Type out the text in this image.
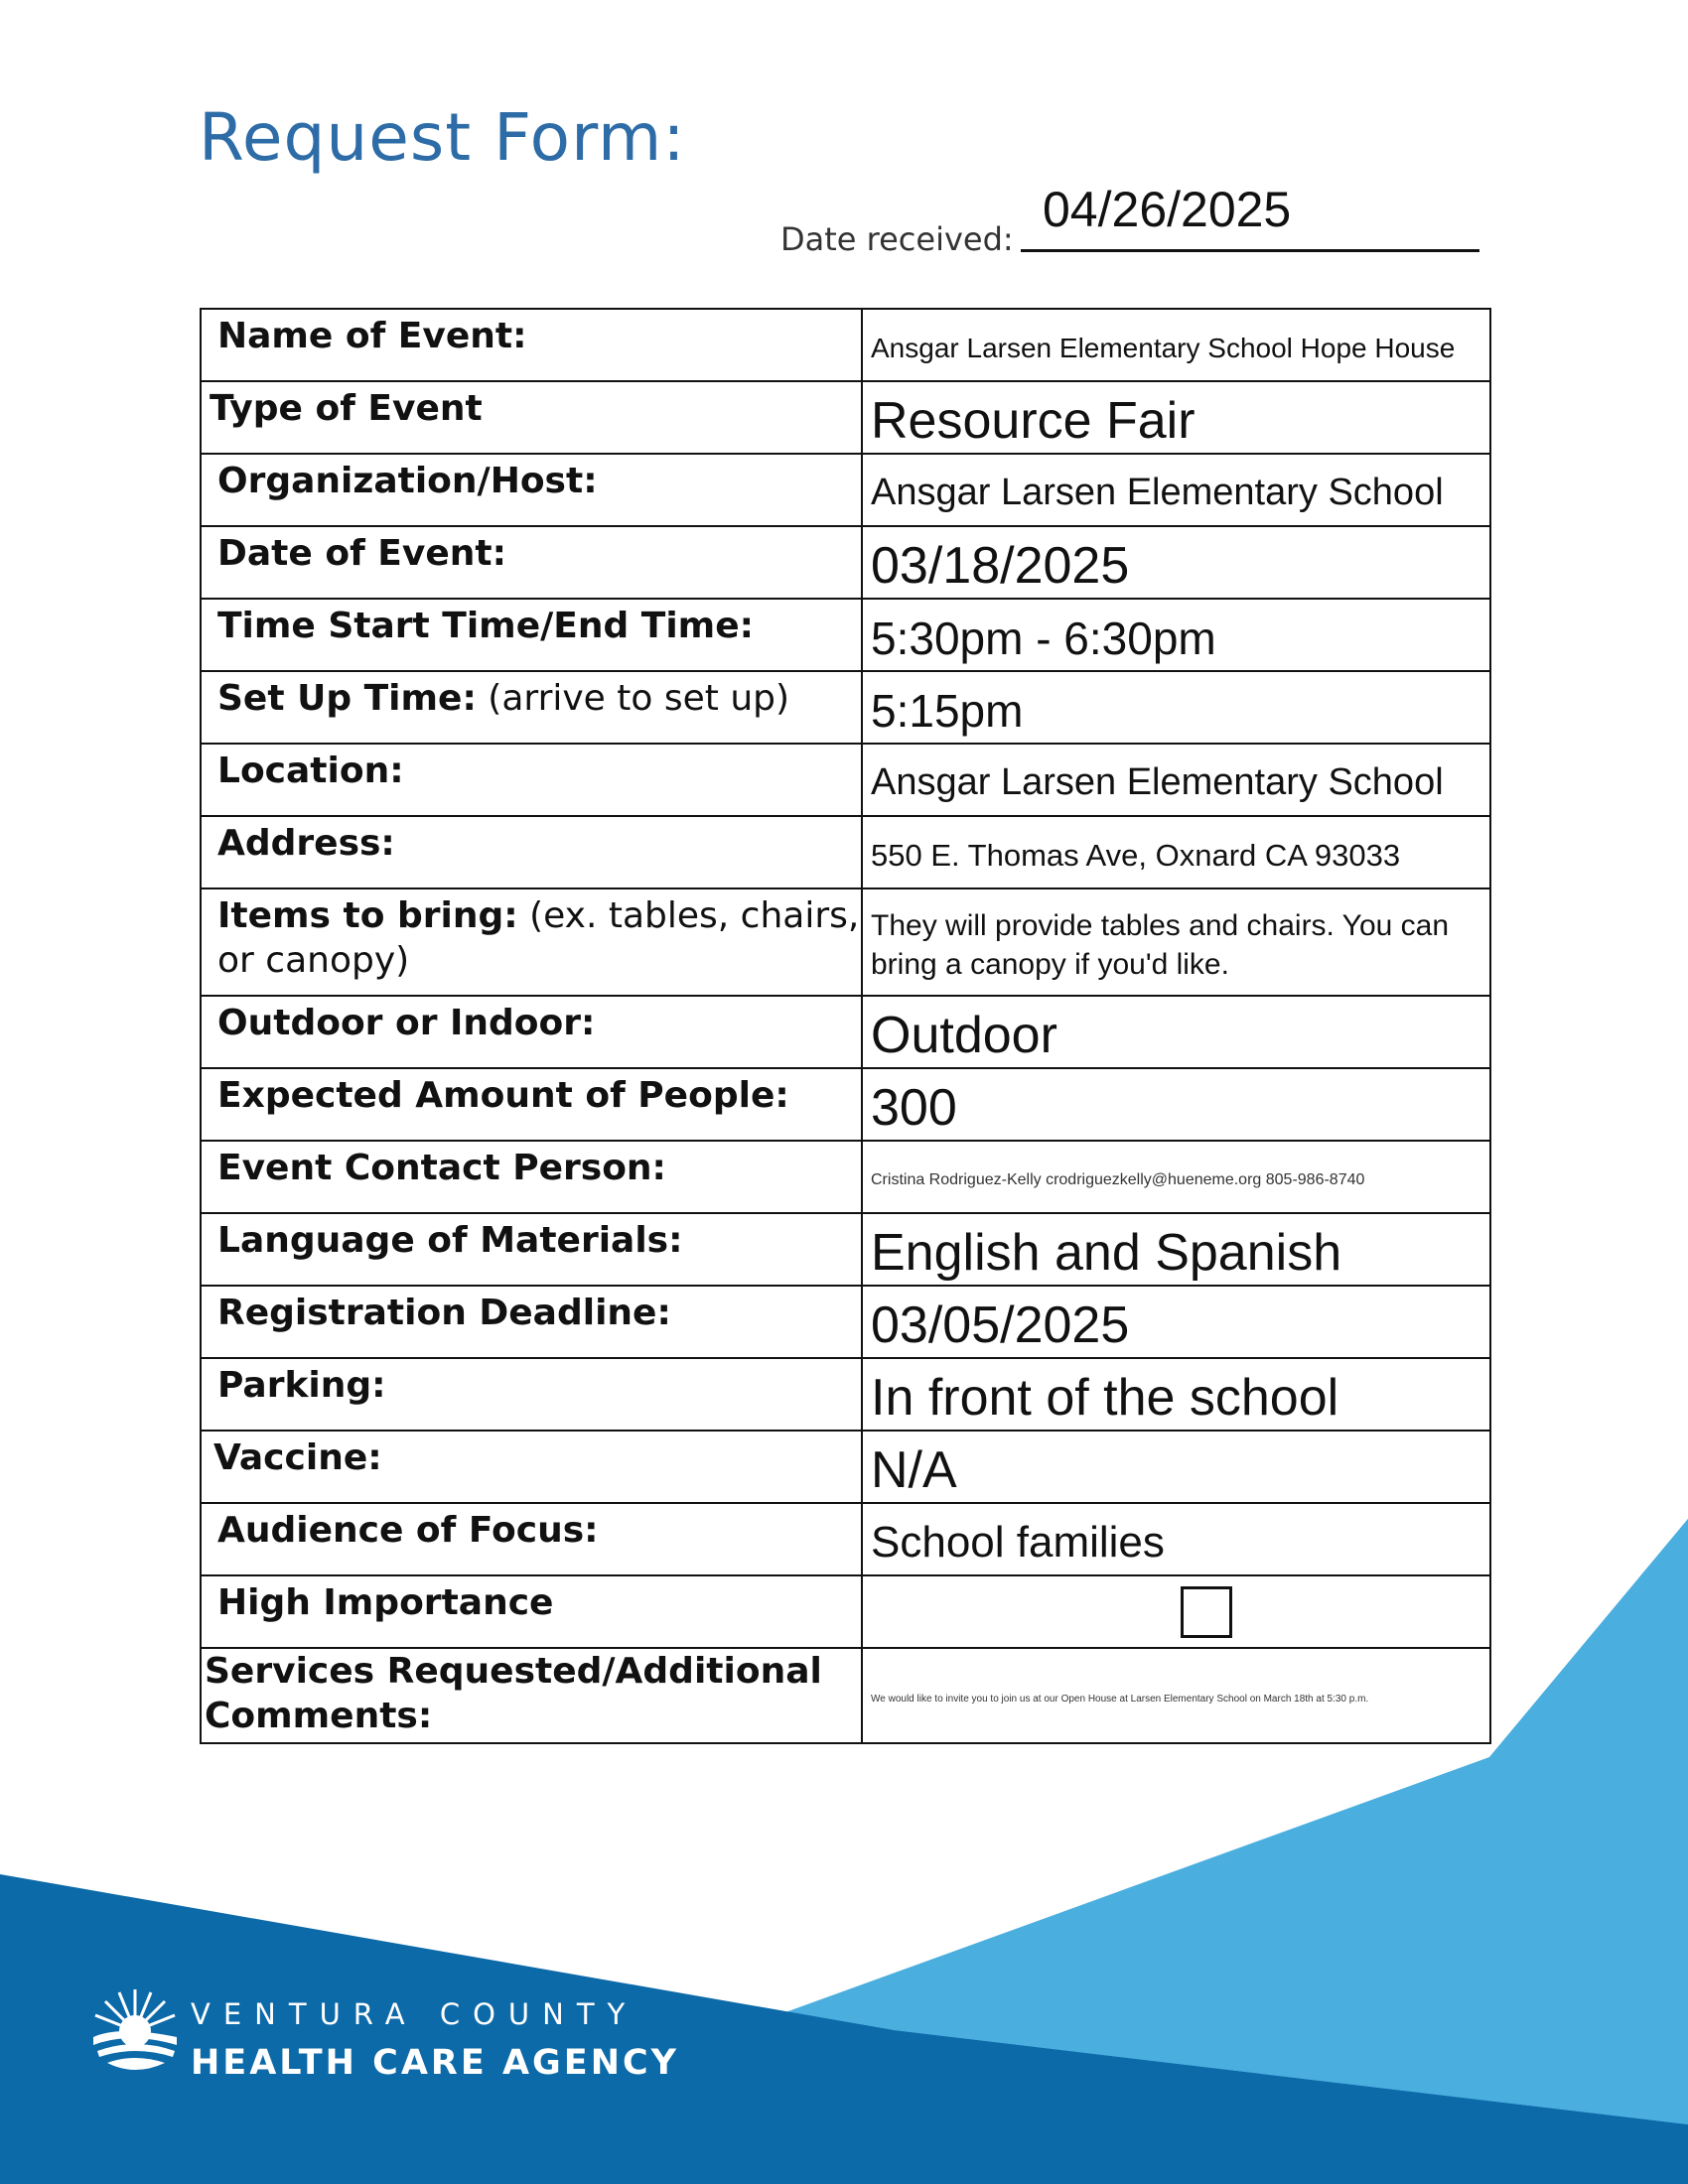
Request Form:
Date received:
04/26/2025
Name of Event:	Ansgar Larsen Elementary School Hope House
Type of Event	Resource Fair
Organization/Host:	Ansgar Larsen Elementary School
Date of Event:	03/18/2025
Time Start Time/End Time:	5:30pm - 6:30pm
Set Up Time: (arrive to set up)	5:15pm
Location:	Ansgar Larsen Elementary School
Address:	550 E. Thomas Ave, Oxnard CA 93033
Items to bring: (ex. tables, chairs, or canopy)	They will provide tables and chairs. You can bring a canopy if you'd like.
Outdoor or Indoor:	Outdoor
Expected Amount of People:	300
Event Contact Person:	Cristina Rodriguez-Kelly crodriguezkelly@hueneme.org 805-986-8740
Language of Materials:	English and Spanish
Registration Deadline:	03/05/2025
Parking:	In front of the school
Vaccine:	N/A
Audience of Focus:	School families
High Importance	

Services Requested/Additional Comments:	We would like to invite you to join us at our Open House at Larsen Elementary School on March 18th at 5:30 p.m.
VENTURA COUNTY
HEALTH CARE AGENCY
